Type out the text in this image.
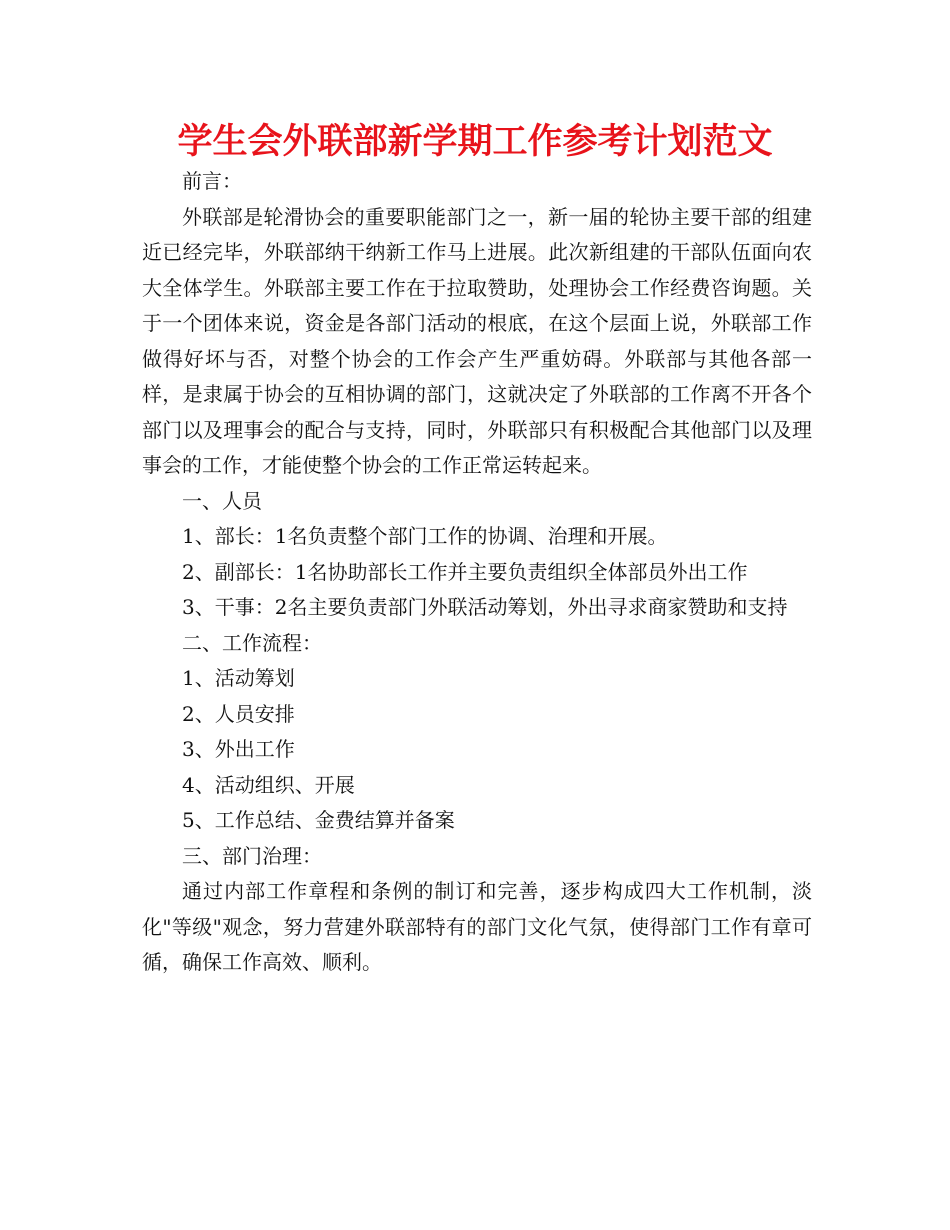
学生会外联部新学期工作参考计划范文

前言：

外联部是轮滑协会的重要职能部门之一，新一届的轮协主要干部的组建近已经完毕，外联部纳干纳新工作马上进展。此次新组建的干部队伍面向农大全体学生。外联部主要工作在于拉取赞助，处理协会工作经费咨询题。关于一个团体来说，资金是各部门活动的根底，在这个层面上说，外联部工作做得好坏与否，对整个协会的工作会产生严重妨碍。外联部与其他各部一样，是隶属于协会的互相协调的部门，这就决定了外联部的工作离不开各个部门以及理事会的配合与支持，同时，外联部只有积极配合其他部门以及理事会的工作，才能使整个协会的工作正常运转起来。

一、人员

1、部长：1名负责整个部门工作的协调、治理和开展。

2、副部长：1名协助部长工作并主要负责组织全体部员外出工作

3、干事：2名主要负责部门外联活动筹划，外出寻求商家赞助和支持

二、工作流程：

1、活动筹划

2、人员安排

3、外出工作

4、活动组织、开展

5、工作总结、金费结算并备案

三、部门治理：

通过内部工作章程和条例的制订和完善，逐步构成四大工作机制，淡化"等级"观念，努力营建外联部特有的部门文化气氛，使得部门工作有章可循，确保工作高效、顺利。
